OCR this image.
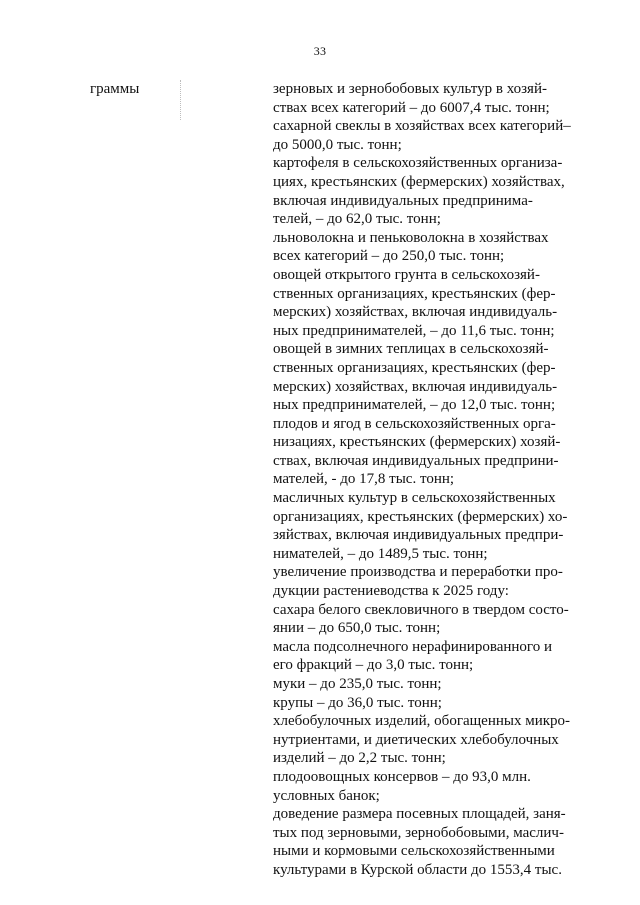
33
граммы	зерновых и зернобобовых культур в хозяй-
ствах всех категорий – до 6007,4 тыс. тонн;
сахарной свеклы в хозяйствах всех категорий–
до 5000,0 тыс. тонн;
картофеля в сельскохозяйственных организа-
циях, крестьянских (фермерских) хозяйствах,
включая индивидуальных предпринима-
телей, – до 62,0 тыс. тонн;
льноволокна и пеньковолокна в хозяйствах
всех категорий – до 250,0 тыс. тонн;
овощей открытого грунта в сельскохозяй-
ственных организациях, крестьянских (фер-
мерских) хозяйствах, включая индивидуаль-
ных предпринимателей, – до 11,6 тыс. тонн;
овощей в зимних теплицах в сельскохозяй-
ственных организациях, крестьянских (фер-
мерских) хозяйствах, включая индивидуаль-
ных предпринимателей, – до 12,0 тыс. тонн;
плодов и ягод в сельскохозяйственных орга-
низациях, крестьянских (фермерских) хозяй-
ствах, включая индивидуальных предприни-
мателей, - до 17,8 тыс. тонн;
масличных культур в сельскохозяйственных
организациях, крестьянских (фермерских) хо-
зяйствах, включая индивидуальных предпри-
нимателей, – до 1489,5 тыс. тонн;
увеличение производства и переработки про-
дукции растениеводства к 2025 году:
сахара белого свекловичного в твердом состо-
янии – до 650,0 тыс. тонн;
масла подсолнечного нерафинированного и
его фракций – до 3,0 тыс. тонн;
муки – до 235,0 тыс. тонн;
крупы – до 36,0 тыс. тонн;
хлебобулочных изделий, обогащенных микро-
нутриентами, и диетических хлебобулочных
изделий – до 2,2 тыс. тонн;
плодоовощных консервов – до 93,0 млн.
условных банок;
доведение размера посевных площадей, заня-
тых под зерновыми, зернобобовыми, маслич-
ными и кормовыми сельскохозяйственными
культурами в Курской области до 1553,4 тыс.
